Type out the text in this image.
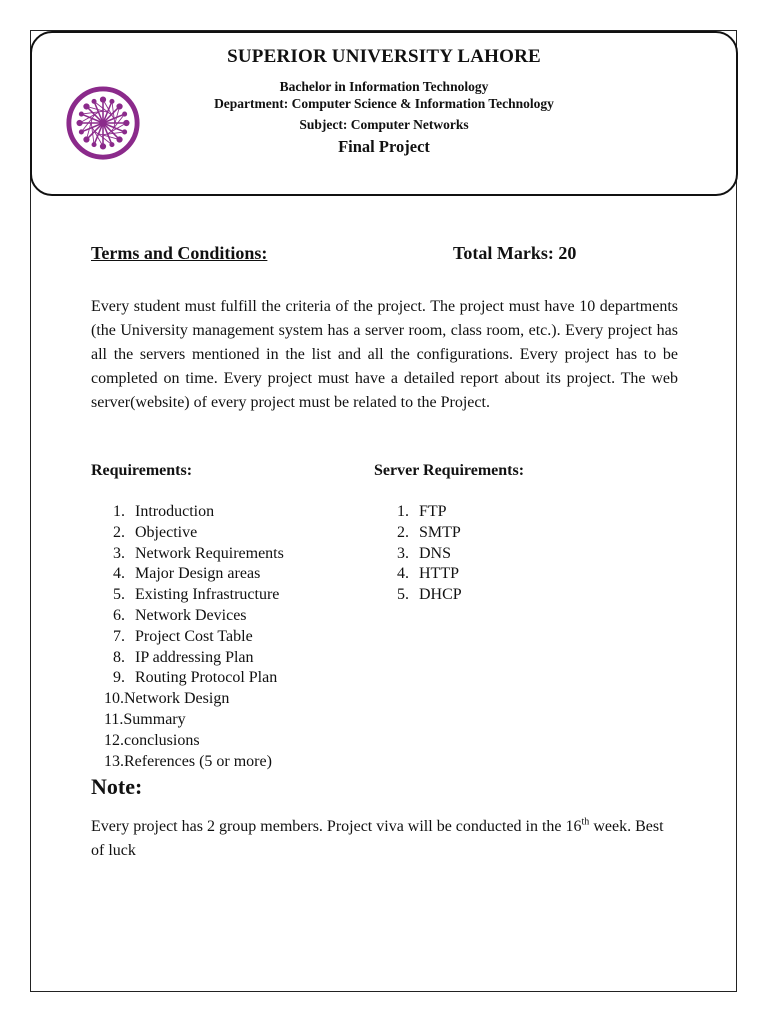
SUPERIOR UNIVERSITY LAHORE
Bachelor in Information Technology
Department: Computer Science & Information Technology
Subject: Computer Networks
Final Project
Terms and Conditions:	Total Marks: 20

Every student must fulfill the criteria of the project. The project must have 10 departments (the University management system has a server room, class room, etc.). Every project has all the servers mentioned in the list and all the configurations. Every project has to be completed on time. Every project must have a detailed report about its project. The web server(website) of every project must be related to the Project.

Requirements:	Server Requirements:
1. Introduction
2. Objective
3. Network Requirements
4. Major Design areas
5. Existing Infrastructure
6. Network Devices
7. Project Cost Table
8. IP addressing Plan
9. Routing Protocol Plan
10.Network Design
11.Summary
12.conclusions
13.References (5 or more)
1. FTP
2. SMTP
3. DNS
4. HTTP
5. DHCP
Note:

Every project has 2 group members. Project viva will be conducted in the 16th week. Best of luck
